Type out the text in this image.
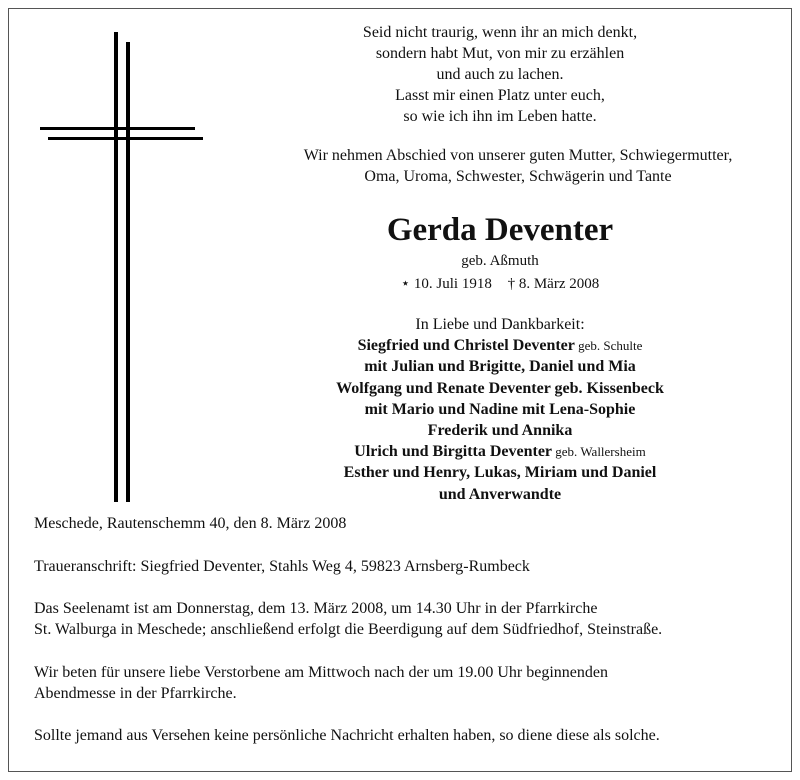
Seid nicht traurig, wenn ihr an mich denkt,
sondern habt Mut, von mir zu erzählen
und auch zu lachen.
Lasst mir einen Platz unter euch,
so wie ich ihn im Leben hatte.
Wir nehmen Abschied von unserer guten Mutter, Schwiegermutter,
Oma, Uroma, Schwester, Schwägerin und Tante
Gerda Deventer
geb. Aßmuth
⋆ 10. Juli 1918 † 8. März 2008
In Liebe und Dankbarkeit:
Siegfried und Christel Deventer geb. Schulte
mit Julian und Brigitte, Daniel und Mia
Wolfgang und Renate Deventer geb. Kissenbeck
mit Mario und Nadine mit Lena-Sophie
Frederik und Annika
Ulrich und Birgitta Deventer geb. Wallersheim
Esther und Henry, Lukas, Miriam und Daniel
und Anverwandte

Meschede, Rautenschemm 40, den 8. März 2008

Traueranschrift: Siegfried Deventer, Stahls Weg 4, 59823 Arnsberg-Rumbeck

Das Seelenamt ist am Donnerstag, dem 13. März 2008, um 14.30 Uhr in der Pfarrkirche

St. Walburga in Meschede; anschließend erfolgt die Beerdigung auf dem Südfriedhof, Steinstraße.

Wir beten für unsere liebe Verstorbene am Mittwoch nach der um 19.00 Uhr beginnenden

Abendmesse in der Pfarrkirche.

Sollte jemand aus Versehen keine persönliche Nachricht erhalten haben, so diene diese als solche.
